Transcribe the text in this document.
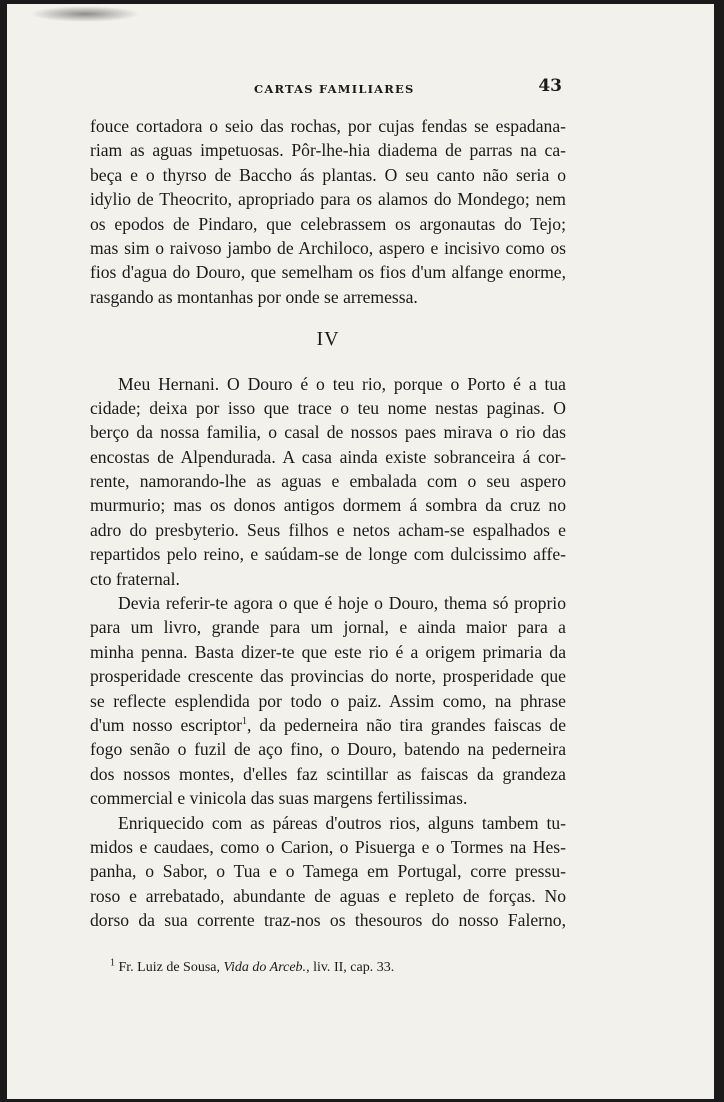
CARTAS FAMILIARES	43
fouce cortadora o seio das rochas, por cujas fendas se espadana-
riam as aguas impetuosas. Pôr-lhe-hia diadema de parras na ca-
beça e o thyrso de Baccho ás plantas. O seu canto não seria o
idylio de Theocrito, apropriado para os alamos do Mondego; nem
os epodos de Pindaro, que celebrassem os argonautas do Tejo;
mas sim o raivoso jambo de Archiloco, aspero e incisivo como os
fios d'agua do Douro, que semelham os fios d'um alfange enorme,
rasgando as montanhas por onde se arremessa.
IV
Meu Hernani. O Douro é o teu rio, porque o Porto é a tua
cidade; deixa por isso que trace o teu nome nestas paginas. O
berço da nossa familia, o casal de nossos paes mirava o rio das
encostas de Alpendurada. A casa ainda existe sobranceira á cor-
rente, namorando-lhe as aguas e embalada com o seu aspero
murmurio; mas os donos antigos dormem á sombra da cruz no
adro do presbyterio. Seus filhos e netos acham-se espalhados e
repartidos pelo reino, e saúdam-se de longe com dulcissimo affe-
cto fraternal.
Devia referir-te agora o que é hoje o Douro, thema só proprio
para um livro, grande para um jornal, e ainda maior para a
minha penna. Basta dizer-te que este rio é a origem primaria da
prosperidade crescente das provincias do norte, prosperidade que
se reflecte esplendida por todo o paiz. Assim como, na phrase
d'um nosso escriptor$^1$, da pederneira não tira grandes faiscas de
fogo senão o fuzil de aço fino, o Douro, batendo na pederneira
dos nossos montes, d'elles faz scintillar as faiscas da grandeza
commercial e vinicola das suas margens fertilissimas.
Enriquecido com as páreas d'outros rios, alguns tambem tu-
midos e caudaes, como o Carion, o Pisuerga e o Tormes na Hes-
panha, o Sabor, o Tua e o Tamega em Portugal, corre pressu-
roso e arrebatado, abundante de aguas e repleto de forças. No
dorso da sua corrente traz-nos os thesouros do nosso Falerno,
$^1$ Fr. Luiz de Sousa, Vida do Arceb., liv. II, cap. 33.
